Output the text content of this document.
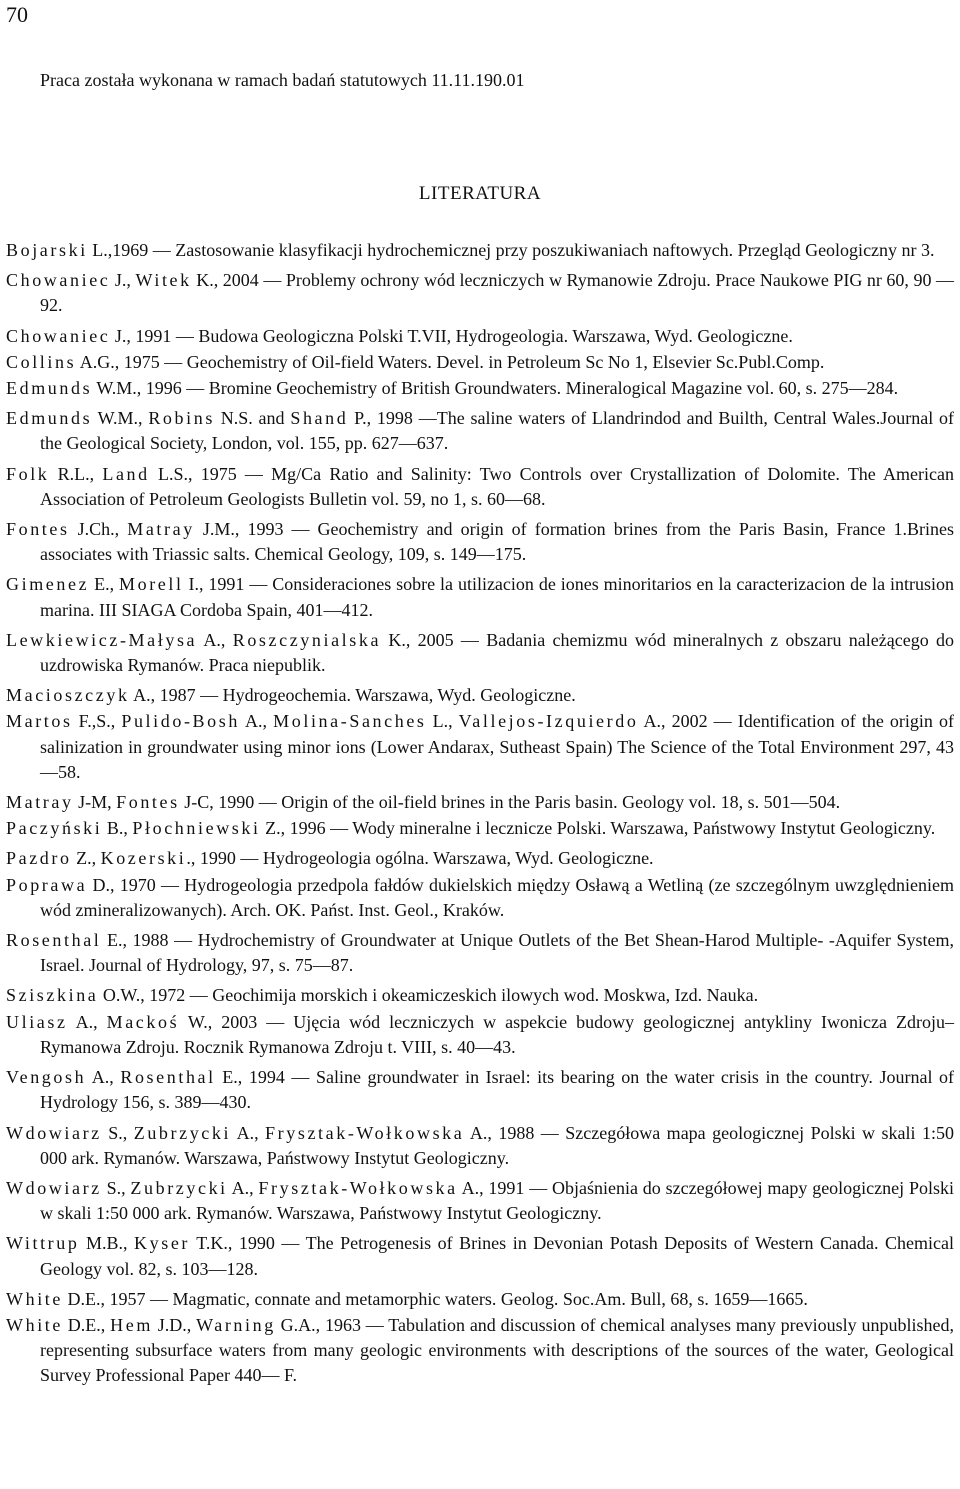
70
Praca została wykonana w ramach badań statutowych 11.11.190.01
LITERATURA

Bojarski L.,1969 — Zastosowanie klasyfikacji hydrochemicznej przy poszukiwaniach naftowych. Przegląd Geologiczny nr 3.

Chowaniec J., Witek K., 2004 — Problemy ochrony wód leczniczych w Rymanowie Zdroju. Prace Naukowe PIG nr 60, 90 —92.

Chowaniec J., 1991 — Budowa Geologiczna Polski T.VII, Hydrogeologia. Warszawa, Wyd. Geologiczne.

Collins A.G., 1975 — Geochemistry of Oil-field Waters. Devel. in Petroleum Sc No 1, Elsevier Sc.Publ.Comp.

Edmunds W.M., 1996 — Bromine Geochemistry of British Groundwaters. Mineralogical Magazine vol. 60, s. 275—284.

Edmunds W.M., Robins N.S. and Shand P., 1998 —The saline waters of Llandrindod and Builth, Central Wales.Journal of the Geological Society, London, vol. 155, pp. 627—637.

Folk R.L., Land L.S., 1975 — Mg/Ca Ratio and Salinity: Two Controls over Crystallization of Dolomite. The American Association of Petroleum Geologists Bulletin vol. 59, no 1, s. 60—68.

Fontes J.Ch., Matray J.M., 1993 — Geochemistry and origin of formation brines from the Paris Basin, France 1.Brines associates with Triassic salts. Chemical Geology, 109, s. 149—175.

Gimenez E., Morell I., 1991 — Consideraciones sobre la utilizacion de iones minoritarios en la caracterizacion de la intrusion marina. III SIAGA Cordoba Spain, 401—412.

Lewkiewicz-Małysa A., Roszczynialska K., 2005 — Badania chemizmu wód mineralnych z obszaru należącego do uzdrowiska Rymanów. Praca niepublik.

Macioszczyk A., 1987 — Hydrogeochemia. Warszawa, Wyd. Geologiczne.

Martos F.,S., Pulido-Bosh A., Molina-Sanches L., Vallejos-Izquierdo A., 2002 — Identification of the origin of salinization in groundwater using minor ions (Lower Andarax, Sutheast Spain) The Science of the Total Environment 297, 43—58.

Matray J-M, Fontes J-C, 1990 — Origin of the oil-field brines in the Paris basin. Geology vol. 18, s. 501—504.

Paczyński B., Płochniewski Z., 1996 — Wody mineralne i lecznicze Polski. Warszawa, Państwowy Instytut Geologiczny.

Pazdro Z., Kozerski., 1990 — Hydrogeologia ogólna. Warszawa, Wyd. Geologiczne.

Poprawa D., 1970 — Hydrogeologia przedpola fałdów dukielskich między Osławą a Wetliną (ze szczególnym uwzględnieniem wód zmineralizowanych). Arch. OK. Państ. Inst. Geol., Kraków.

Rosenthal E., 1988 — Hydrochemistry of Groundwater at Unique Outlets of the Bet Shean-Harod Multiple- -Aquifer System, Israel. Journal of Hydrology, 97, s. 75—87.

Sziszkina O.W., 1972 — Geochimija morskich i okeamiczeskich ilowych wod. Moskwa, Izd. Nauka.

Uliasz A., Mackoś W., 2003 — Ujęcia wód leczniczych w aspekcie budowy geologicznej antykliny Iwonicza Zdroju–Rymanowa Zdroju. Rocznik Rymanowa Zdroju t. VIII, s. 40—43.

Vengosh A., Rosenthal E., 1994 — Saline groundwater in Israel: its bearing on the water crisis in the country. Journal of Hydrology 156, s. 389—430.

Wdowiarz S., Zubrzycki A., Frysztak-Wołkowska A., 1988 — Szczegółowa mapa geologicznej Polski w skali 1:50 000 ark. Rymanów. Warszawa, Państwowy Instytut Geologiczny.

Wdowiarz S., Zubrzycki A., Frysztak-Wołkowska A., 1991 — Objaśnienia do szczegółowej mapy geologicznej Polski w skali 1:50 000 ark. Rymanów. Warszawa, Państwowy Instytut Geologiczny.

Wittrup M.B., Kyser T.K., 1990 — The Petrogenesis of Brines in Devonian Potash Deposits of Western Canada. Chemical Geology vol. 82, s. 103—128.

White D.E., 1957 — Magmatic, connate and metamorphic waters. Geolog. Soc.Am. Bull, 68, s. 1659—1665.

White D.E., Hem J.D., Warning G.A., 1963 — Tabulation and discussion of chemical analyses many previously unpublished, representing subsurface waters from many geologic environments with descriptions of the sources of the water, Geological Survey Professional Paper 440— F.
